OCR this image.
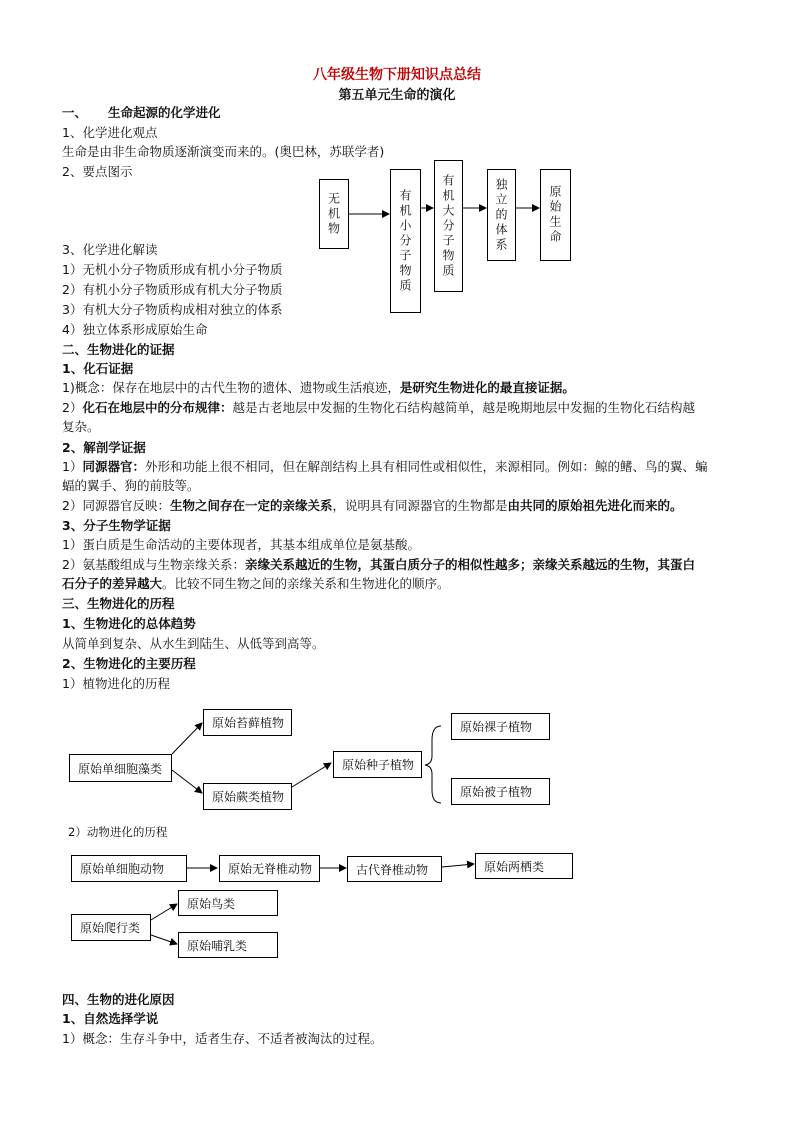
八年级生物下册知识点总结
第五单元生命的演化
一、 生命起源的化学进化
1、化学进化观点
生命是由非生命物质逐渐演变而来的。(奥巴林，苏联学者)
2、要点图示
无机物	有机小分子物质	有机大分子物质	独立的体系	原始生命
3、化学进化解读
1）无机小分子物质形成有机小分子物质
2）有机小分子物质形成有机大分子物质
3）有机大分子物质构成相对独立的体系
4）独立体系形成原始生命
二、生物进化的证据
1、化石证据
1)概念：保存在地层中的古代生物的遗体、遗物或生活痕迹，是研究生物进化的最直接证据。
2）化石在地层中的分布规律：越是古老地层中发掘的生物化石结构越简单，越是晚期地层中发掘的生物化石结构越
复杂。
2、解剖学证据
1）同源器官：外形和功能上很不相同，但在解剖结构上具有相同性或相似性，来源相同。例如：鲸的鳍、鸟的翼、蝙
蝠的翼手、狗的前肢等。
2）同源器官反映：生物之间存在一定的亲缘关系，说明具有同源器官的生物都是由共同的原始祖先进化而来的。
3、分子生物学证据
1）蛋白质是生命活动的主要体现者，其基本组成单位是氨基酸。
2）氨基酸组成与生物亲缘关系：亲缘关系越近的生物，其蛋白质分子的相似性越多；亲缘关系越远的生物，其蛋白
石分子的差异越大。比较不同生物之间的亲缘关系和生物进化的顺序。
三、生物进化的历程
1、生物进化的总体趋势
从简单到复杂、从水生到陆生、从低等到高等。
2、生物进化的主要历程
1）植物进化的历程
原始单细胞藻类
原始苔藓植物
原始蕨类植物
原始种子植物
原始裸子植物
原始被子植物
2）动物进化的历程
原始单细胞动物	原始无脊椎动物	古代脊椎动物	原始两栖类
原始爬行类
原始鸟类
原始哺乳类
四、生物的进化原因
1、自然选择学说
1）概念：生存斗争中，适者生存、不适者被淘汰的过程。
